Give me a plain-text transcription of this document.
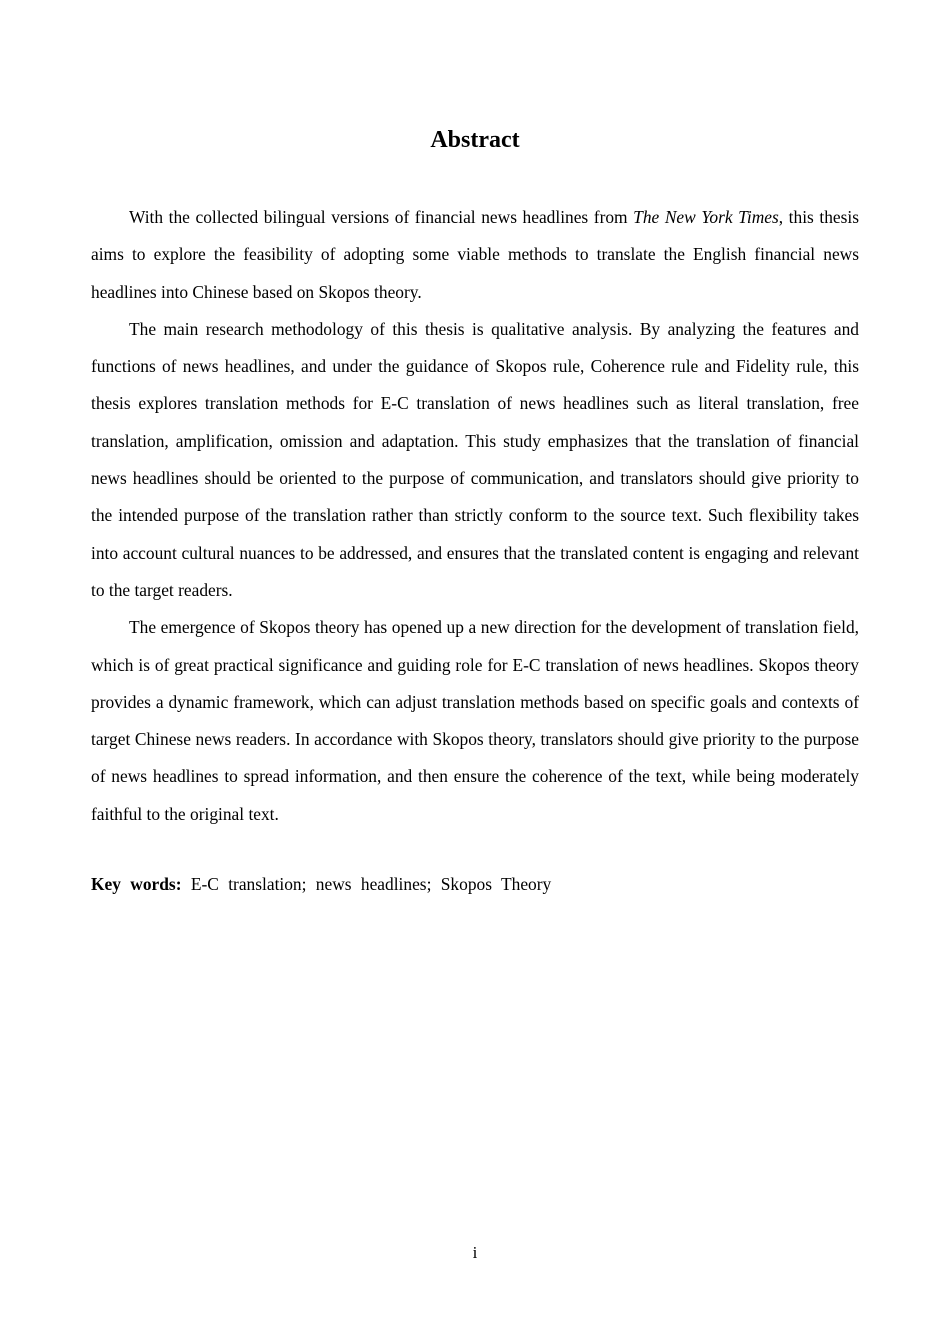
Abstract

With the collected bilingual versions of financial news headlines from The New York Times, this thesis aims to explore the feasibility of adopting some viable methods to translate the English financial news headlines into Chinese based on Skopos theory.

The main research methodology of this thesis is qualitative analysis. By analyzing the features and functions of news headlines, and under the guidance of Skopos rule, Coherence rule and Fidelity rule, this thesis explores translation methods for E-C translation of news headlines such as literal translation, free translation, amplification, omission and adaptation. This study emphasizes that the translation of financial news headlines should be oriented to the purpose of communication, and translators should give priority to the intended purpose of the translation rather than strictly conform to the source text. Such flexibility takes into account cultural nuances to be addressed, and ensures that the translated content is engaging and relevant to the target readers.

The emergence of Skopos theory has opened up a new direction for the development of translation field, which is of great practical significance and guiding role for E-C translation of news headlines. Skopos theory provides a dynamic framework, which can adjust translation methods based on specific goals and contexts of target Chinese news readers. In accordance with Skopos theory, translators should give priority to the purpose of news headlines to spread information, and then ensure the coherence of the text, while being moderately faithful to the original text.

Key words: E-C translation; news headlines; Skopos Theory
i
